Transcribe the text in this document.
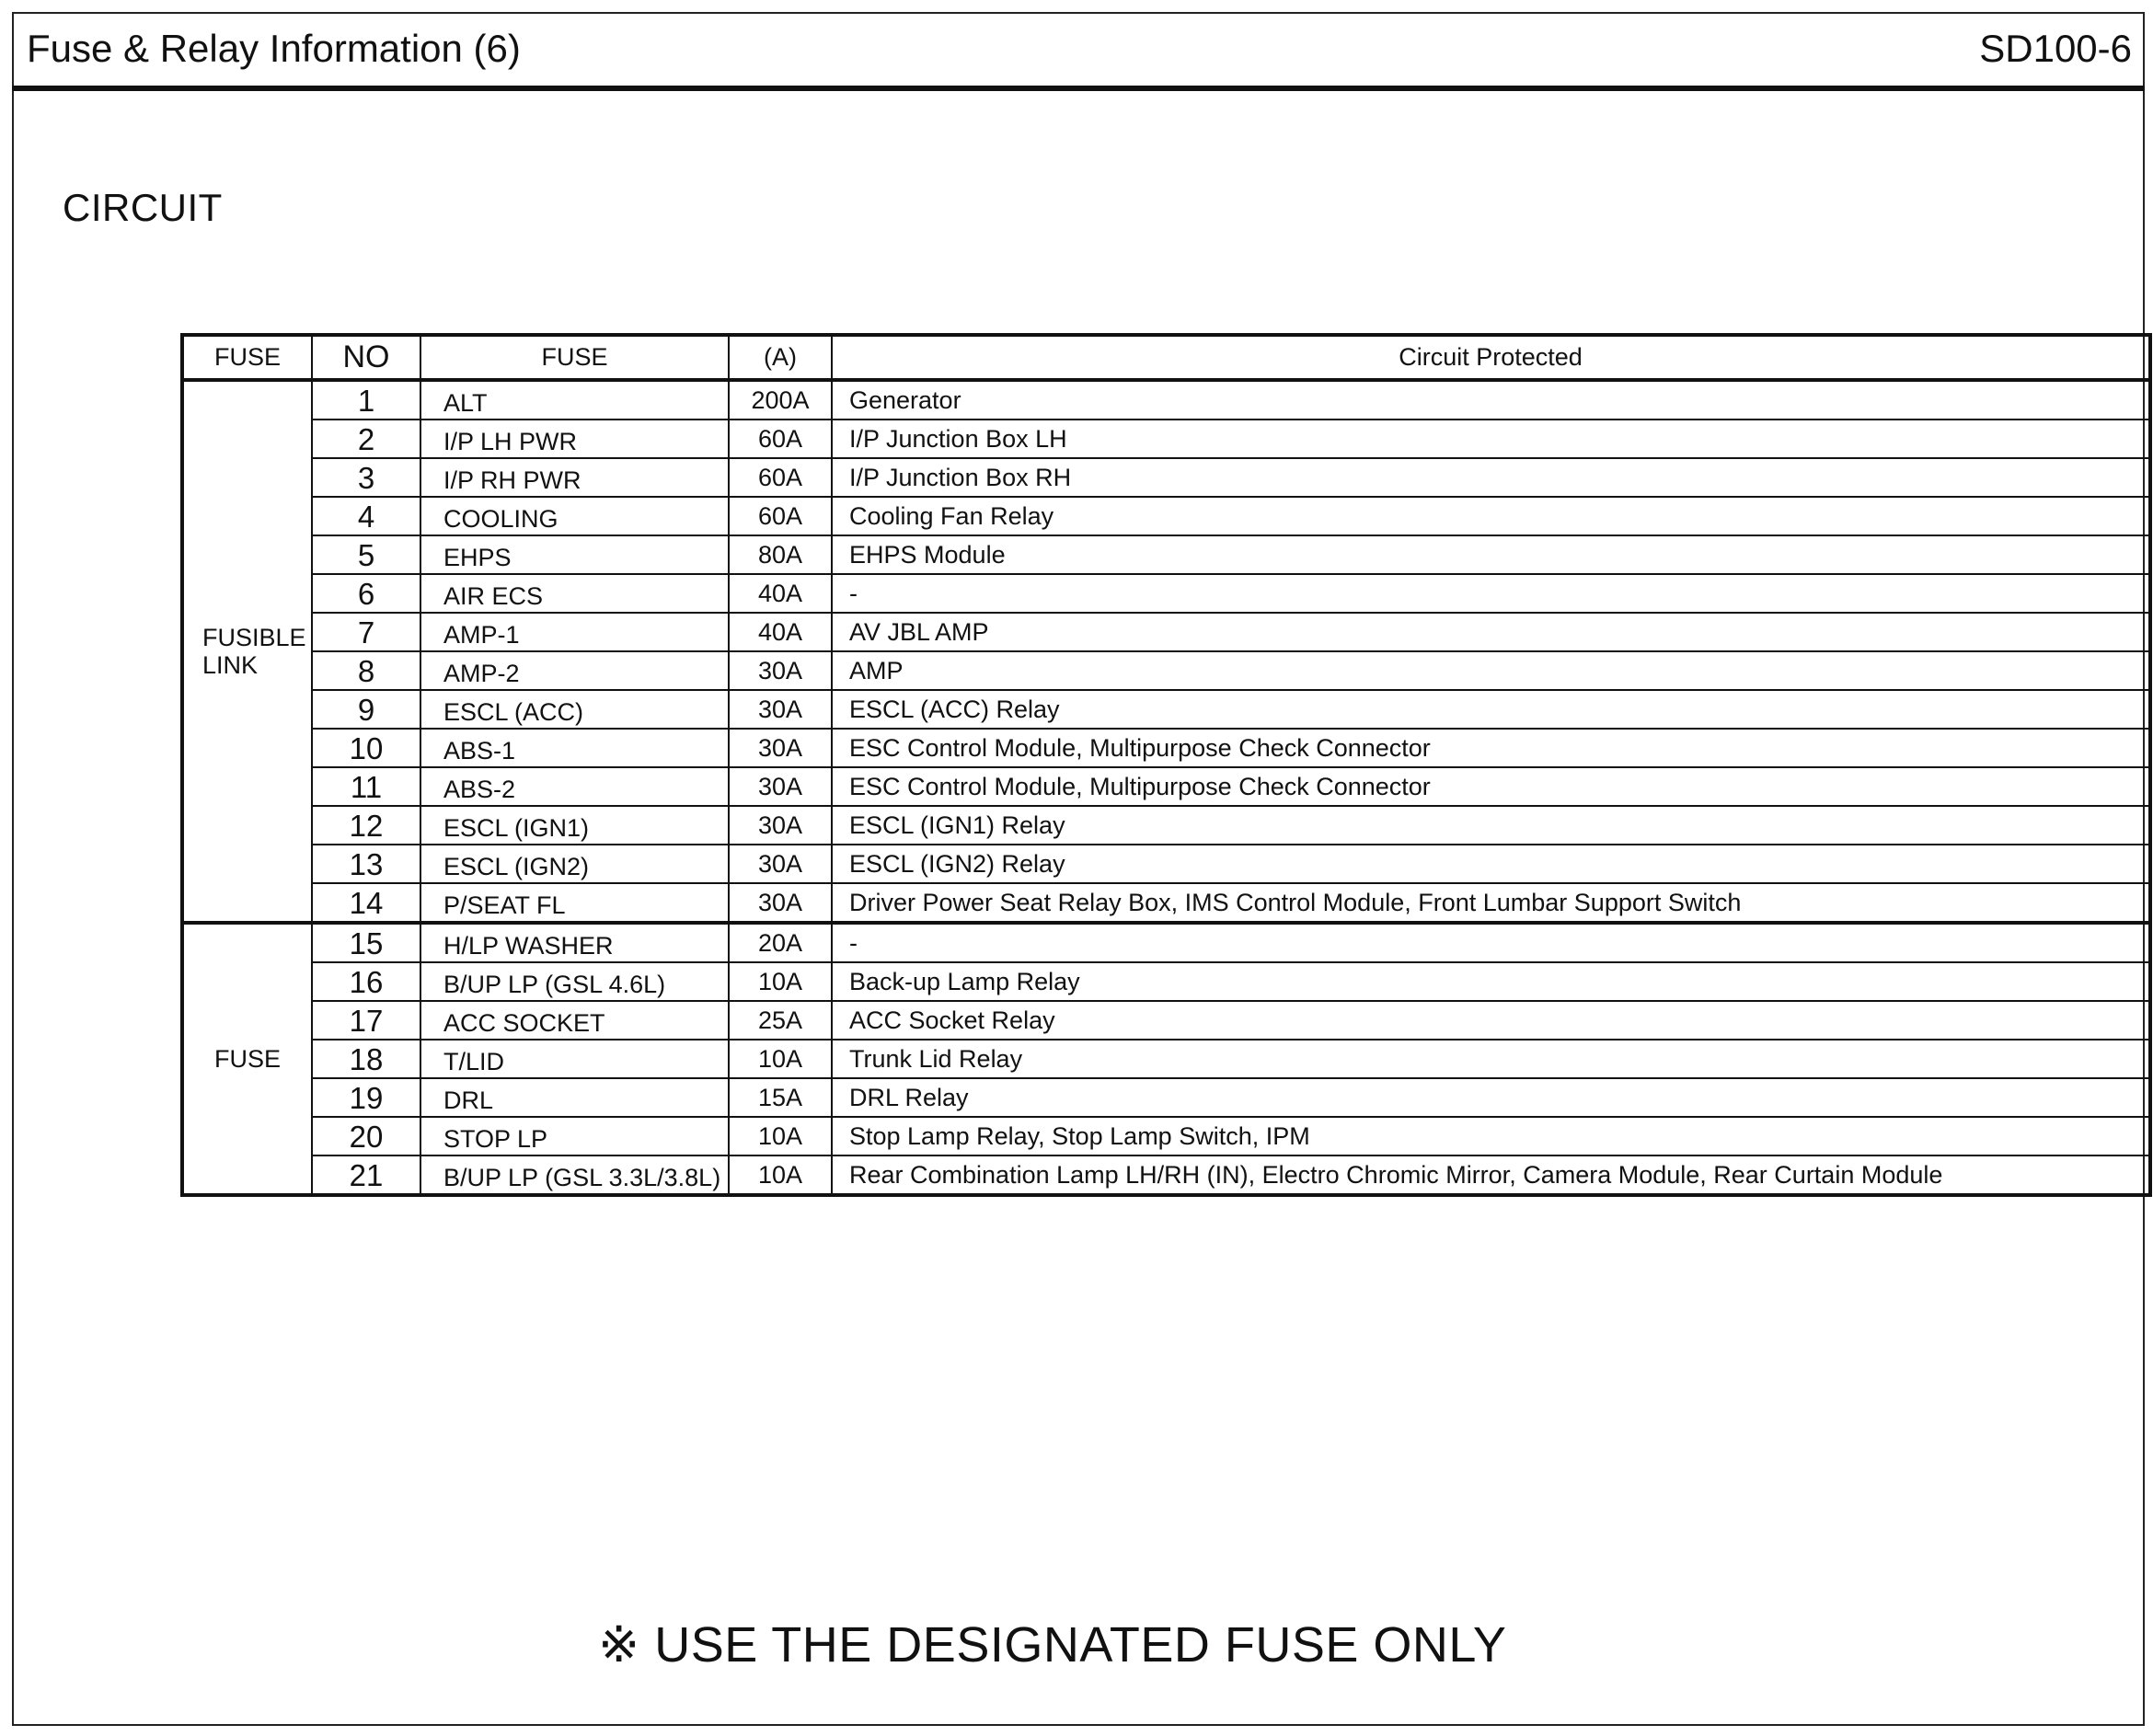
Fuse & Relay Information (6)	SD100-6
CIRCUIT
FUSE	NO	FUSE	(A)	Circuit Protected
FUSIBLE LINK	1	ALT	200A	Generator
	2	I/P LH PWR	60A	I/P Junction Box LH
	3	I/P RH PWR	60A	I/P Junction Box RH
	4	COOLING	60A	Cooling Fan Relay
	5	EHPS	80A	EHPS Module
	6	AIR ECS	40A	-
	7	AMP-1	40A	AV JBL AMP
	8	AMP-2	30A	AMP
	9	ESCL (ACC)	30A	ESCL (ACC) Relay
	10	ABS-1	30A	ESC Control Module, Multipurpose Check Connector
	11	ABS-2	30A	ESC Control Module, Multipurpose Check Connector
	12	ESCL (IGN1)	30A	ESCL (IGN1) Relay
	13	ESCL (IGN2)	30A	ESCL (IGN2) Relay
	14	P/SEAT FL	30A	Driver Power Seat Relay Box, IMS Control Module, Front Lumbar Support Switch
FUSE	15	H/LP WASHER	20A	-
	16	B/UP LP (GSL 4.6L)	10A	Back-up Lamp Relay
	17	ACC SOCKET	25A	ACC Socket Relay
	18	T/LID	10A	Trunk Lid Relay
	19	DRL	15A	DRL Relay
	20	STOP LP	10A	Stop Lamp Relay, Stop Lamp Switch, IPM
	21	B/UP LP (GSL 3.3L/3.8L)	10A	Rear Combination Lamp LH/RH (IN), Electro Chromic Mirror, Camera Module, Rear Curtain Module
※ USE THE DESIGNATED FUSE ONLY
